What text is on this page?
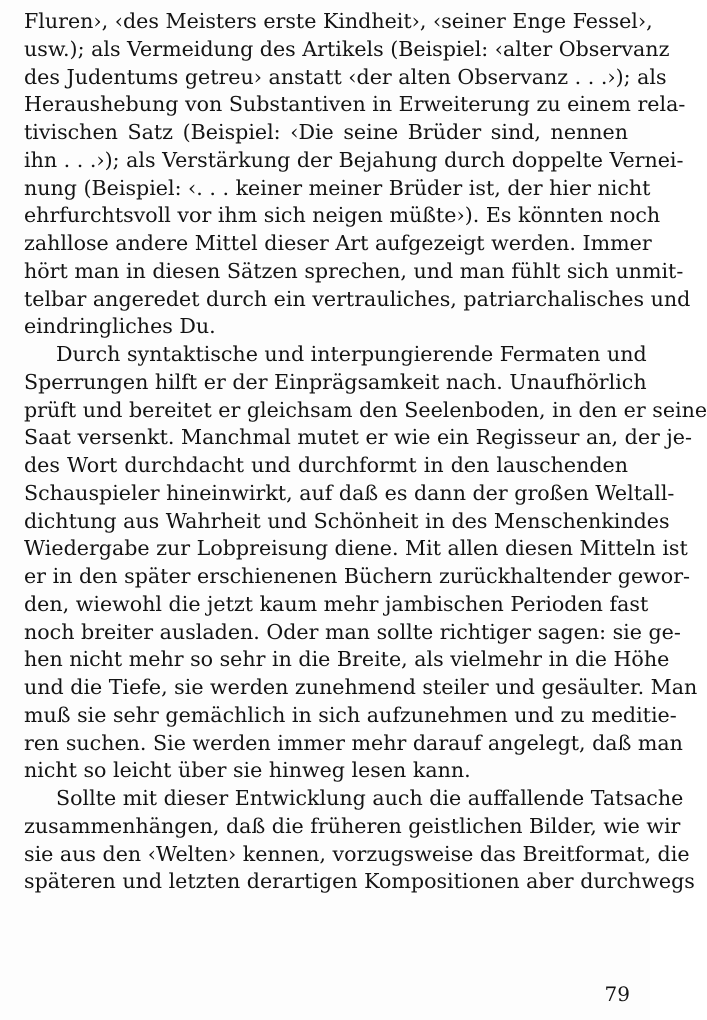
Fluren›, ‹des Meisters erste Kindheit›, ‹seiner Enge Fessel›,
usw.); als Vermeidung des Artikels (Beispiel: ‹alter Observanz
des Judentums getreu› anstatt ‹der alten Observanz . . .›); als
Heraushebung von Substantiven in Erweiterung zu einem rela-
tivischen Satz (Beispiel: ‹Die seine Brüder sind, nennen
ihn . . .›); als Verstärkung der Bejahung durch doppelte Vernei-
nung (Beispiel: ‹. . . keiner meiner Brüder ist, der hier nicht
ehrfurchtsvoll vor ihm sich neigen müßte›). Es könnten noch
zahllose andere Mittel dieser Art aufgezeigt werden. Immer
hört man in diesen Sätzen sprechen, und man fühlt sich unmit-
telbar angeredet durch ein vertrauliches, patriarchalisches und
eindringliches Du.
Durch syntaktische und interpungierende Fermaten und
Sperrungen hilft er der Einprägsamkeit nach. Unaufhörlich
prüft und bereitet er gleichsam den Seelenboden, in den er seine
Saat versenkt. Manchmal mutet er wie ein Regisseur an, der je-
des Wort durchdacht und durchformt in den lauschenden
Schauspieler hineinwirkt, auf daß es dann der großen Weltall-
dichtung aus Wahrheit und Schönheit in des Menschenkindes
Wiedergabe zur Lobpreisung diene. Mit allen diesen Mitteln ist
er in den später erschienenen Büchern zurückhaltender gewor-
den, wiewohl die jetzt kaum mehr jambischen Perioden fast
noch breiter ausladen. Oder man sollte richtiger sagen: sie ge-
hen nicht mehr so sehr in die Breite, als vielmehr in die Höhe
und die Tiefe, sie werden zunehmend steiler und gesäulter. Man
muß sie sehr gemächlich in sich aufzunehmen und zu meditie-
ren suchen. Sie werden immer mehr darauf angelegt, daß man
nicht so leicht über sie hinweg lesen kann.
Sollte mit dieser Entwicklung auch die auffallende Tatsache
zusammenhängen, daß die früheren geistlichen Bilder, wie wir
sie aus den ‹Welten› kennen, vorzugsweise das Breitformat, die
späteren und letzten derartigen Kompositionen aber durchwegs
79
